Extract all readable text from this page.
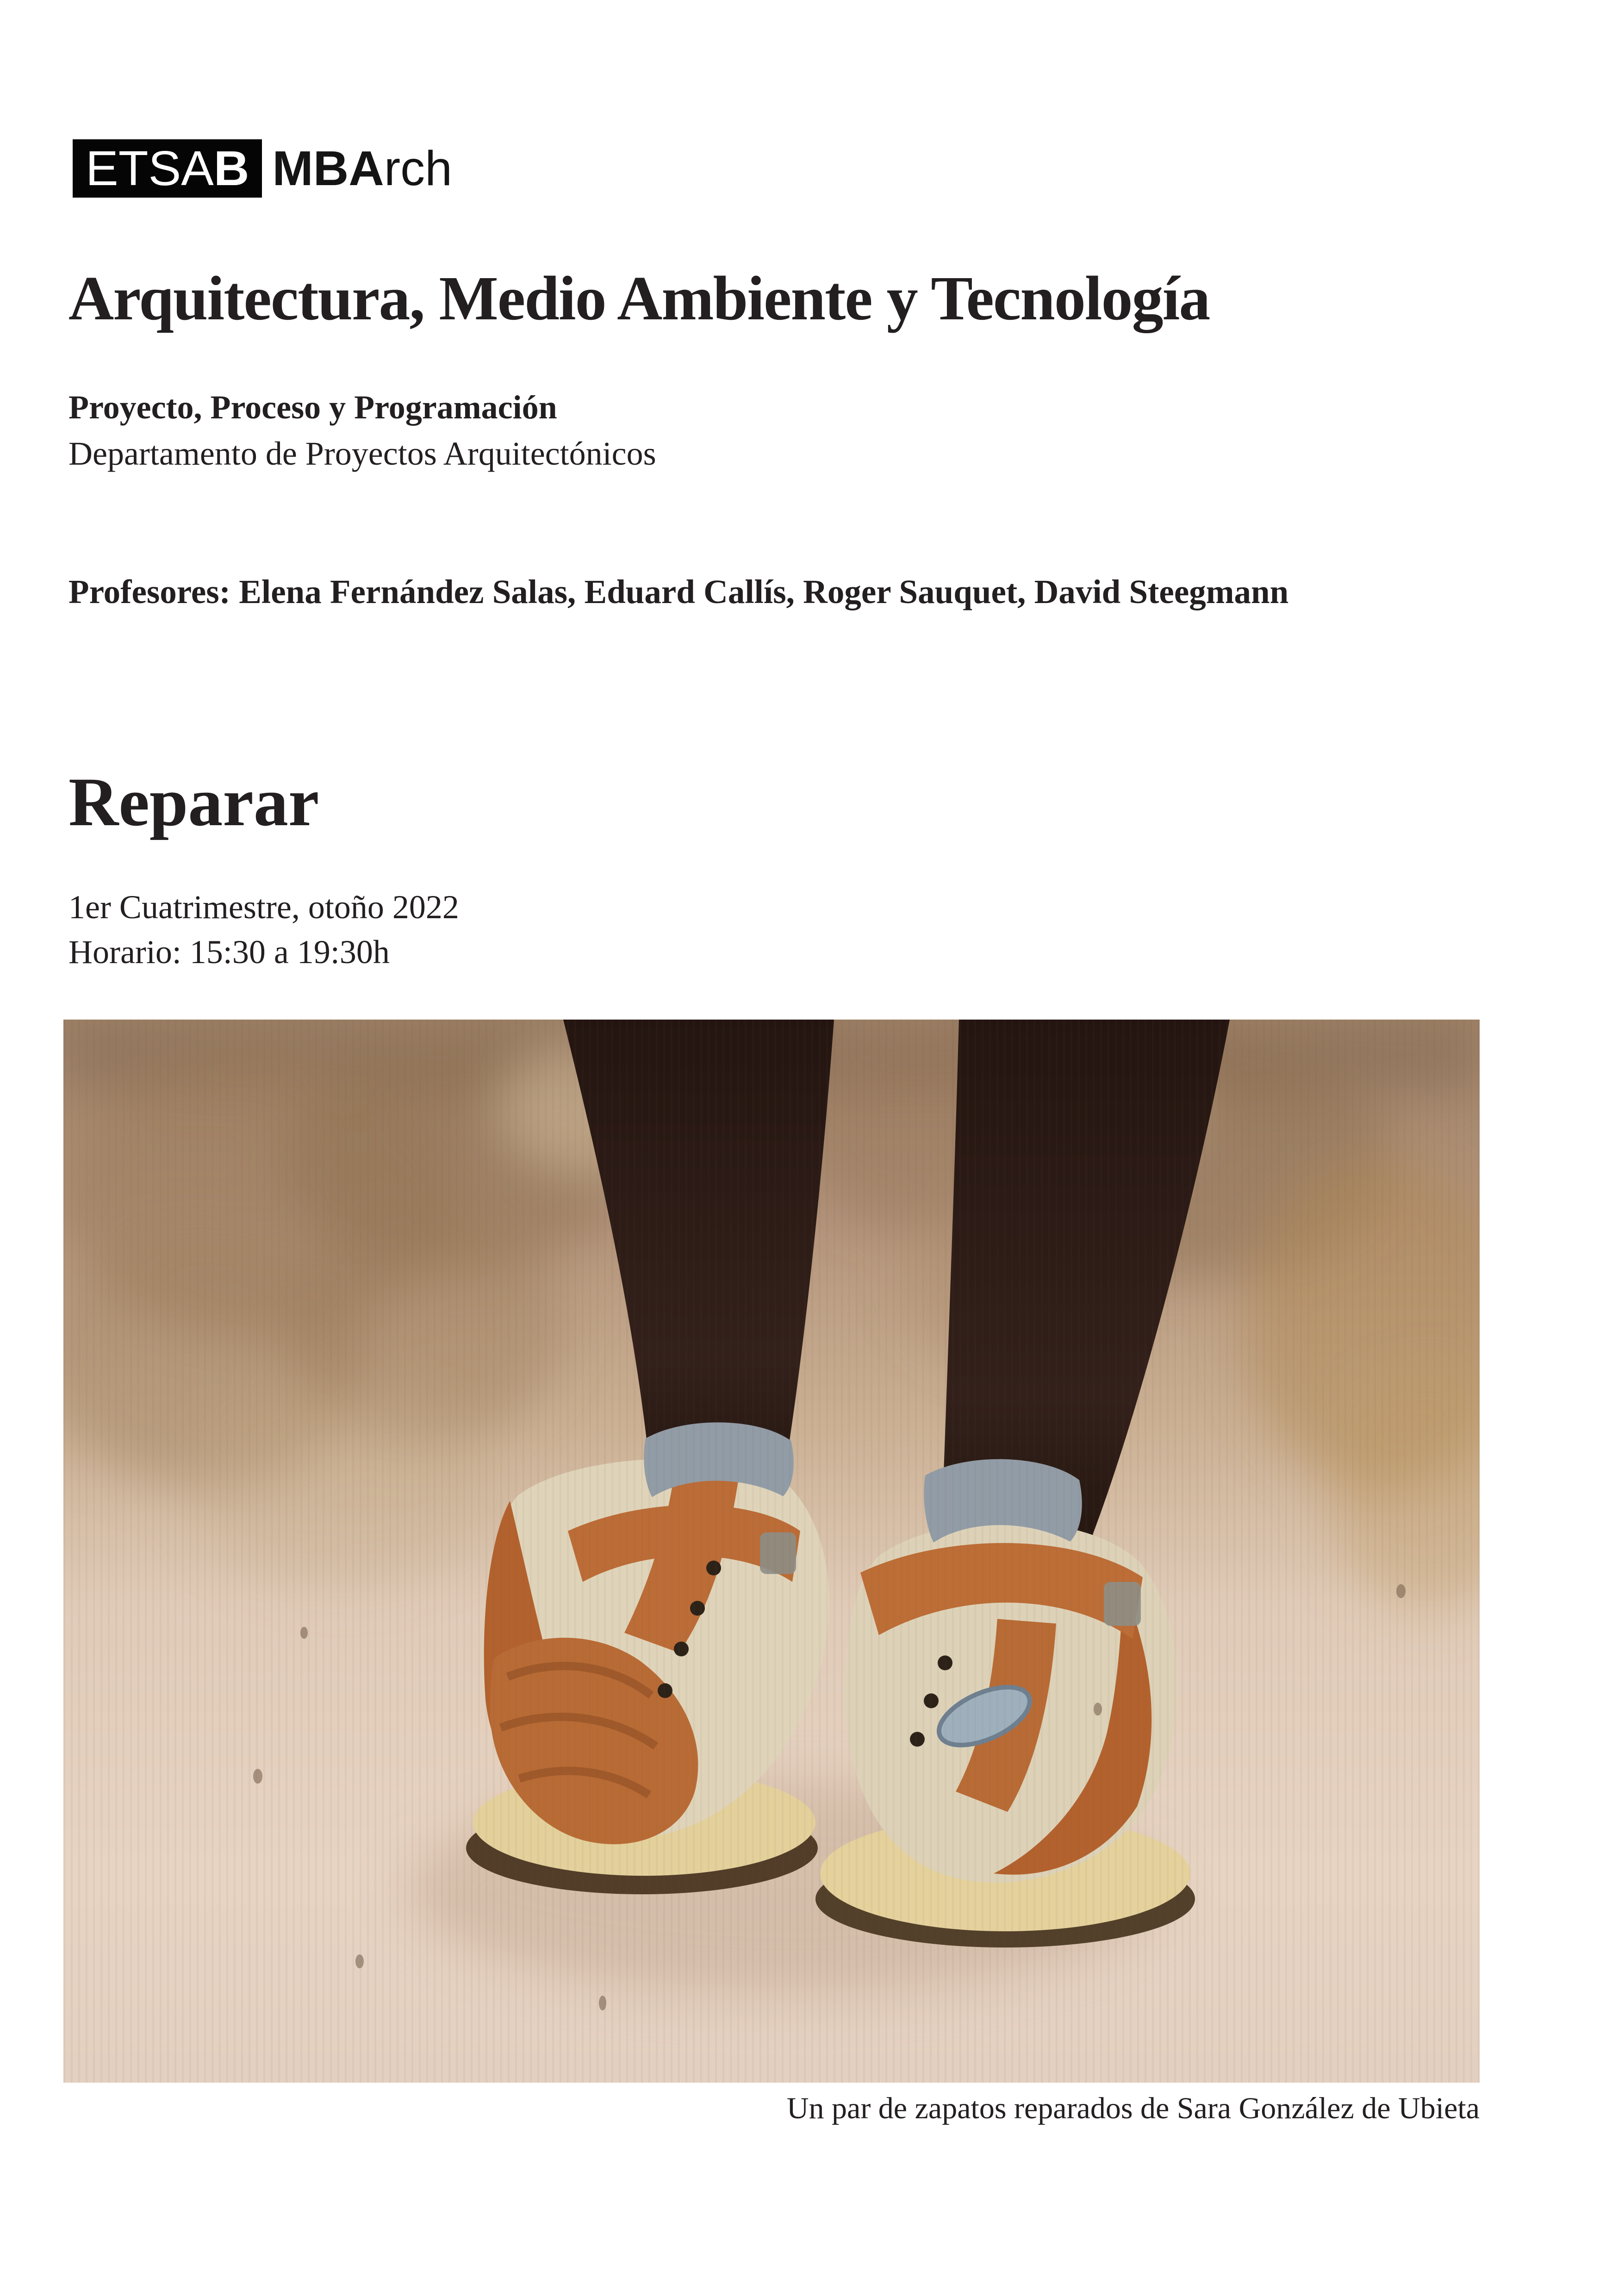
ETSAB MBArch
Arquitectura, Medio Ambiente y Tecnología
Proyecto, Proceso y Programación
Departamento de Proyectos Arquitectónicos
Profesores: Elena Fernández Salas, Eduard Callís, Roger Sauquet, David Steegmann
Reparar
1er Cuatrimestre, otoño 2022
Horario: 15:30 a 19:30h
Un par de zapatos reparados de Sara González de Ubieta
